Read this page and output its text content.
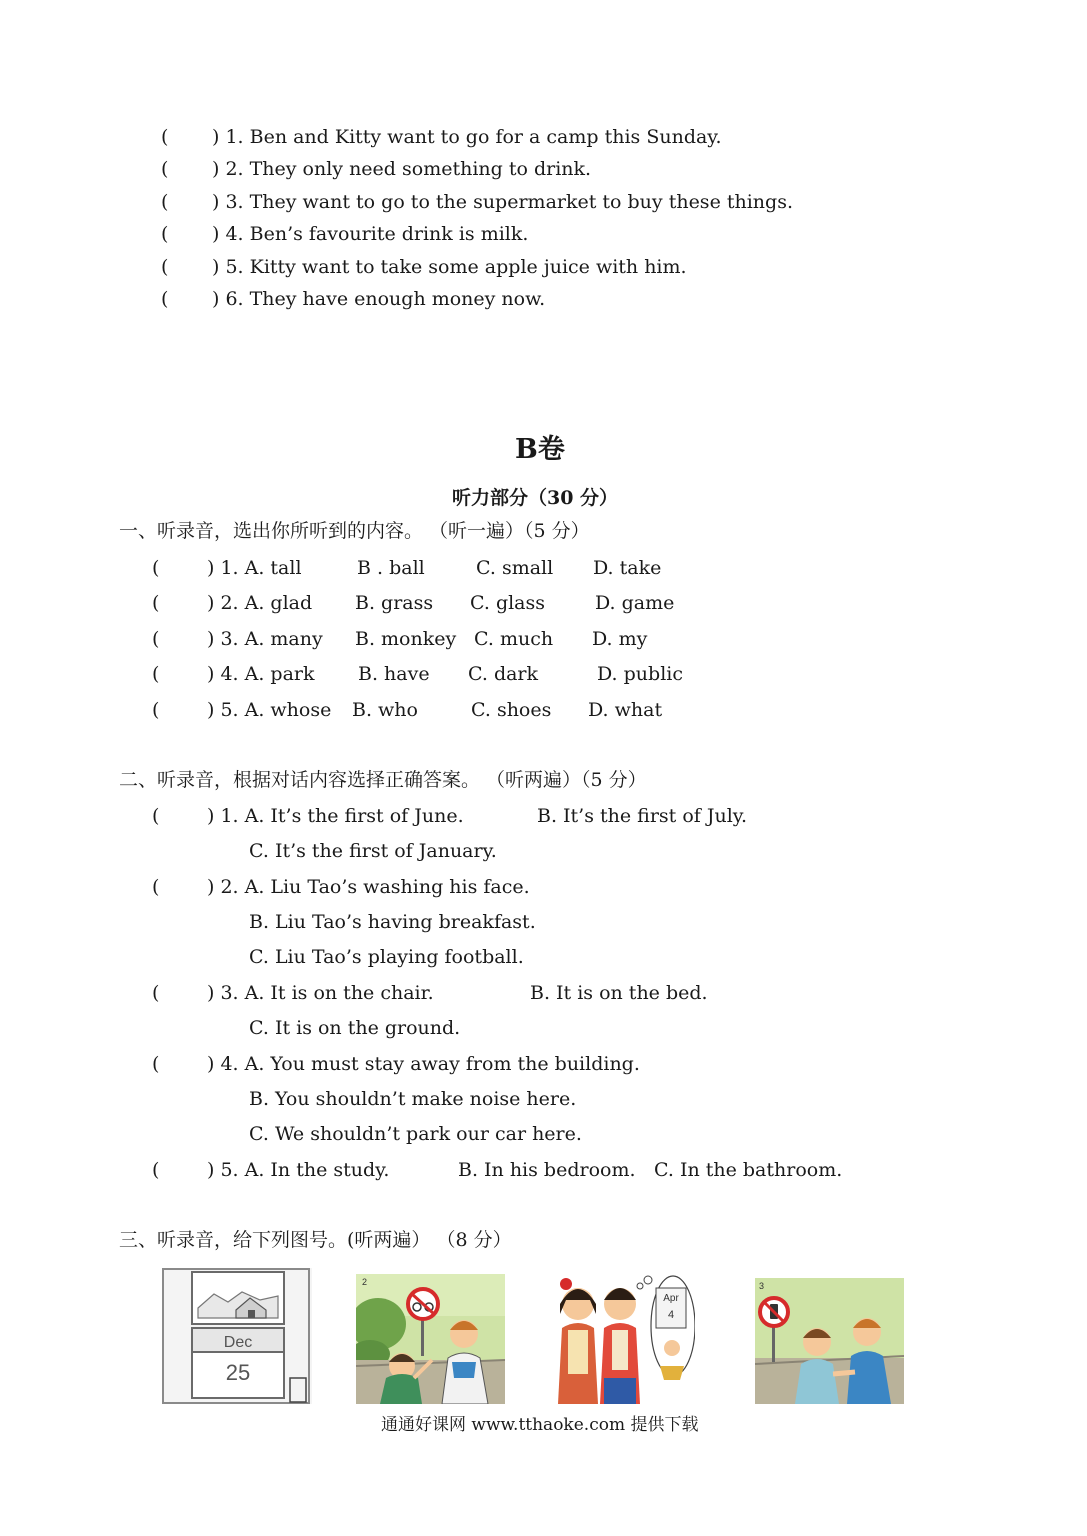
( ) 1. Ben and Kitty want to go for a camp this Sunday.
( ) 2. They only need something to drink.
( ) 3. They want to go to the supermarket to buy these things.
( ) 4. Ben’s favourite drink is milk.
( ) 5. Kitty want to take some apple juice with him.
( ) 6. They have enough money now.
B卷
听力部分（30 分）
一、听录音，选出你所听到的内容。 （听一遍）（5 分）
(	) 1. A. tall	B . ball	C. small D. take
(	) 2. A. glad B. grass C. glass	D. game
(	) 3. A. many B. monkey C. much D. my
(	) 4. A. park B. have C. dark	D. public
(	) 5. A. whose B. who	C. shoes D. what
二、听录音，根据对话内容选择正确答案。 （听两遍）（5 分）
(	) 1. A. It’s the first of June.	B. It’s the first of July.
C. It’s the first of January.
(	) 2. A. Liu Tao’s washing his face.
B. Liu Tao’s having breakfast.
C. Liu Tao’s playing football.
(	) 3. A. It is on the chair.	B. It is on the bed.
C. It is on the ground.
(	) 4. A. You must stay away from the building.
B. You shouldn’t make noise here.
C. We shouldn’t park our car here.
(	) 5. A. In the study.	B. In his bedroom. C. In the bathroom.
三、听录音，给下列图号。(听两遍） （8 分）
Dec
25
2
Apr
4
3
通通好课网 www.tthaoke.com 提供下载
